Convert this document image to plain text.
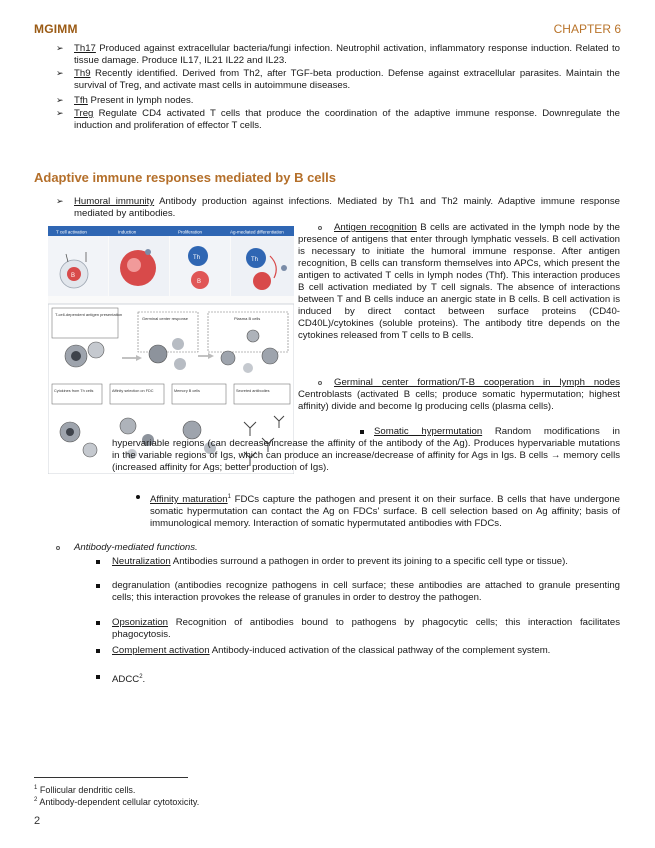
MGIMM	CHAPTER 6
➢ Th17 Produced against extracellular bacteria/fungi infection. Neutrophil activation, inflammatory response induction. Related to tissue damage. Produce IL17, IL21 IL22 and IL23.
➢ Th9 Recently identified. Derived from Th2, after TGF-beta production. Defense against extracellular parasites. Maintain the survival of Treg, and activate mast cells in autoimmune diseases.
➢ Tfh Present in lymph nodes.
➢ Treg Regulate CD4 activated T cells that produce the coordination of the adaptive immune response. Downregulate the induction and proliferation of effector T cells.
Adaptive immune responses mediated by B cells
➢ Humoral immunity Antibody production against infections. Mediated by Th1 and Th2 mainly. Adaptive immune response mediated by antibodies.
T cell activation	Induction	Proliferation	Ag-mediated differentiation
B
Th
B
Th
T-cell-dependent antigen presentation
Germinal center response	Plasma B cells
Cytokines from Th cells	Affinity selection on FDC	Memory B cells	Secreted antibodies
Antigen recognition B cells are activated in the lymph node by the presence of antigens that enter through lymphatic vessels. B cell activation is necessary to initiate the humoral immune response. After antigen recognition, B cells can transform themselves into APCs, which present the antigen to activated T cells in lymph nodes (Thf). This interaction produces B cell activation mediated by T cell signals. The absence of interactions between T and B cells induce an anergic state in B cells. B cell activation is induced by direct contact between surface proteins (CD40-CD40L)/cytokines (soluble proteins). The antibody titre depends on the cytokines released from T cells to B cells.
Germinal center formation/T-B cooperation in lymph nodes Centroblasts (activated B cells; produce somatic hypermutation; highest affinity) divide and become Ig producing cells (plasma cells).
Somatic hypermutation Random modifications in hypervariable regions (can decrease/increase the affinity of the antibody of the Ag). Produces hypervariable mutations in the variable regions of Igs, which can produce an increase/decrease of affinity for Ags in Igs. B cells → memory cells (increased affinity for Ags; better production of Igs).
Affinity maturation$^1$ FDCs capture the pathogen and present it on their surface. B cells that have undergone somatic hypermutation can contact the Ag on FDCs' surface. B cell selection based on Ag affinity; basis of immunological memory. Interaction of somatic hypermutated antibodies with FDCs.
Antibody-mediated functions.
Neutralization Antibodies surround a pathogen in order to prevent its joining to a specific cell type or tissue).
degranulation (antibodies recognize pathogens in cell surface; these antibodies are attached to granule presenting cells; this interaction provokes the release of granules in order to destroy the pathogen.
Opsonization Recognition of antibodies bound to pathogens by phagocytic cells; this interaction facilitates phagocytosis.
Complement activation Antibody-induced activation of the classical pathway of the complement system.
ADCC$^2$.
$^1$ Follicular dendritic cells.
$^2$ Antibody-dependent cellular cytotoxicity.
2
